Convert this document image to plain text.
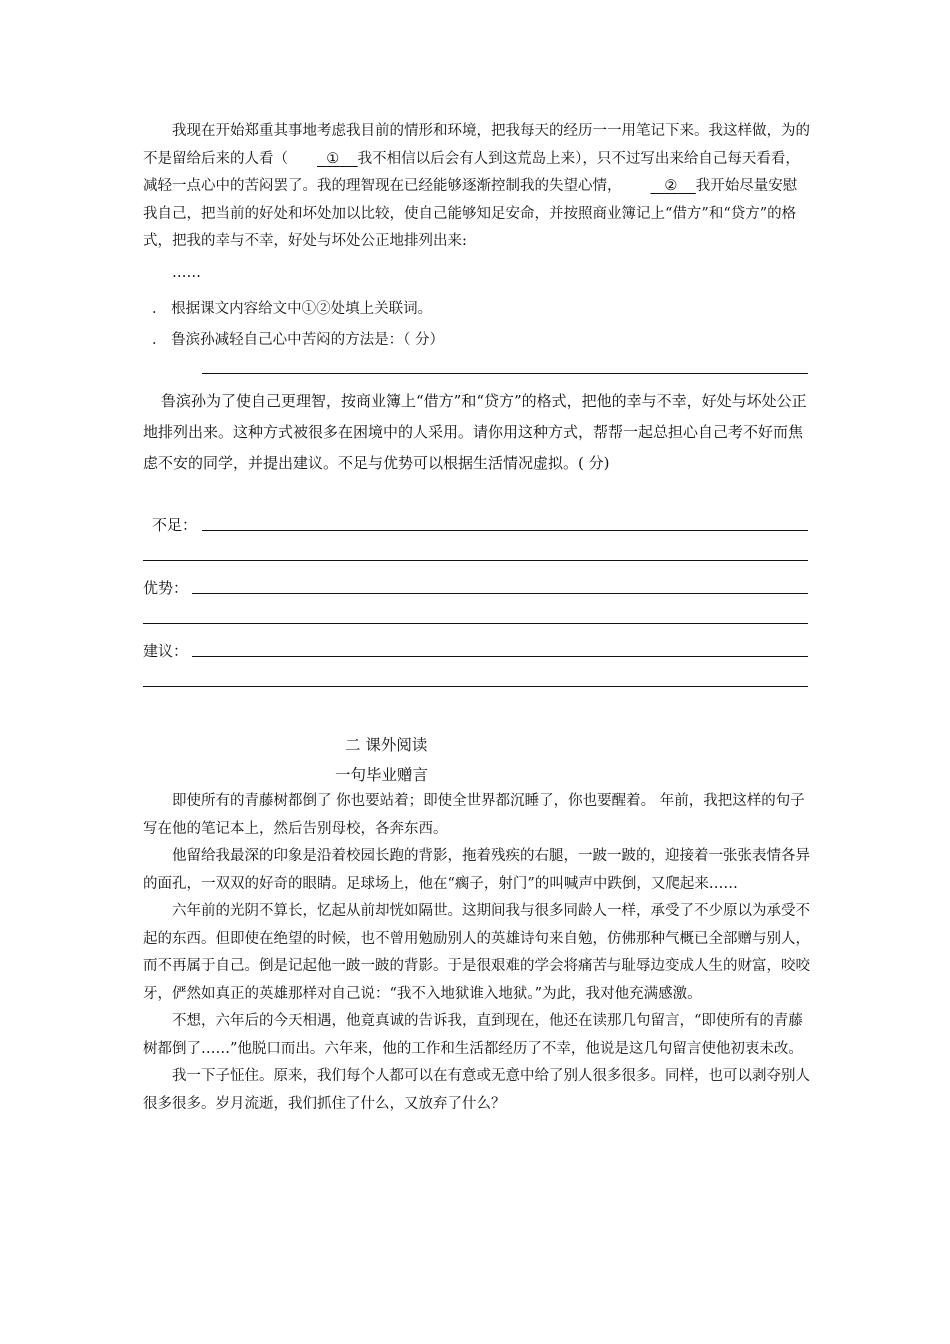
我现在开始郑重其事地考虑我目前的情形和环境，把我每天的经历一一用笔记下来。我这样做，为的不是留给后来的人看（	① 我不相信以后会有人到这荒岛上来），只不过写出来给自己每天看看，减轻一点心中的苦闷罢了。我的理智现在已经能够逐渐控制我的失望心情，	② 我开始尽量安慰我自己，把当前的好处和坏处加以比较，使自己能够知足安命，并按照商业簿记上“借方”和“贷方”的格式，把我的幸与不幸，好处与坏处公正地排列出来:

……

． 根据课文内容给文中①②处填上关联词。
． 鲁滨孙减轻自己心中苦闷的方法是：（ 分）
鲁滨孙为了使自己更理智，按商业簿上“借方”和“贷方”的格式，把他的幸与不幸，好处与坏处公正地排列出来。这种方式被很多在困境中的人采用。请你用这种方式，帮帮一起总担心自己考不好而焦虑不安的同学，并提出建议。不足与优势可以根据生活情况虚拟。( 分)
不足：
优势：
建议：
二 课外阅读
一句毕业赠言

即使所有的青藤树都倒了 你也要站着；即使全世界都沉睡了，你也要醒着。 年前，我把这样的句子写在他的笔记本上，然后告别母校，各奔东西。

他留给我最深的印象是沿着校园长跑的背影，拖着残疾的右腿，一跛一跛的，迎接着一张张表情各异的面孔，一双双的好奇的眼睛。足球场上，他在“瘸子，射门”的叫喊声中跌倒，又爬起来……

六年前的光阴不算长，忆起从前却恍如隔世。这期间我与很多同龄人一样，承受了不少原以为承受不起的东西。但即使在绝望的时候，也不曾用勉励别人的英雄诗句来自勉，仿佛那种气概已全部赠与别人，而不再属于自己。倒是记起他一跛一跛的背影。于是很艰难的学会将痛苦与耻辱边变成人生的财富，咬咬牙，俨然如真正的英雄那样对自己说：“我不入地狱谁入地狱。”为此，我对他充满感激。

不想，六年后的今天相遇，他竟真诚的告诉我，直到现在，他还在读那几句留言，“即使所有的青藤树都倒了……”他脱口而出。六年来，他的工作和生活都经历了不幸，他说是这几句留言使他初衷未改。

我一下子怔住。原来，我们每个人都可以在有意或无意中给了别人很多很多。同样，也可以剥夺别人很多很多。岁月流逝，我们抓住了什么，又放弃了什么？
